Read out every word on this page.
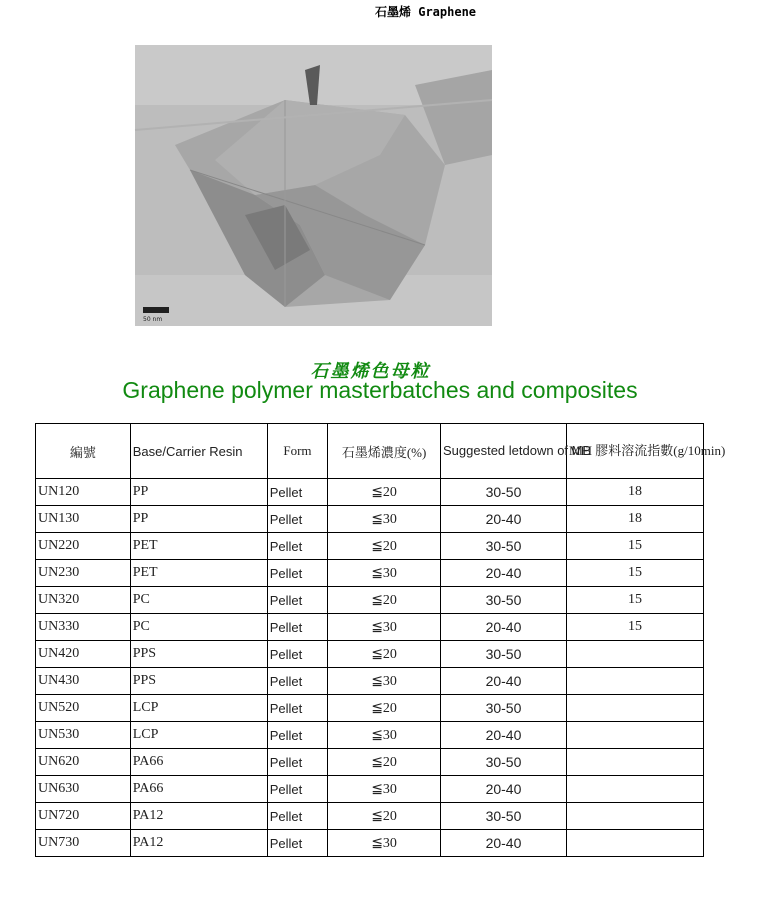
石墨烯 Graphene
50 nm
石墨烯色母粒
Graphene polymer masterbatches and composites
編號	Base/Carrier Resin	Form	石墨烯濃度(%)	Suggested letdown of MB	MFI 膠料溶流指數(g/10min)
UN120	PP	Pellet	≦20	30-50	18
UN130	PP	Pellet	≦30	20-40	18
UN220	PET	Pellet	≦20	30-50	15
UN230	PET	Pellet	≦30	20-40	15
UN320	PC	Pellet	≦20	30-50	15
UN330	PC	Pellet	≦30	20-40	15
UN420	PPS	Pellet	≦20	30-50	
UN430	PPS	Pellet	≦30	20-40	
UN520	LCP	Pellet	≦20	30-50	
UN530	LCP	Pellet	≦30	20-40	
UN620	PA66	Pellet	≦20	30-50	
UN630	PA66	Pellet	≦30	20-40	
UN720	PA12	Pellet	≦20	30-50	
UN730	PA12	Pellet	≦30	20-40	
